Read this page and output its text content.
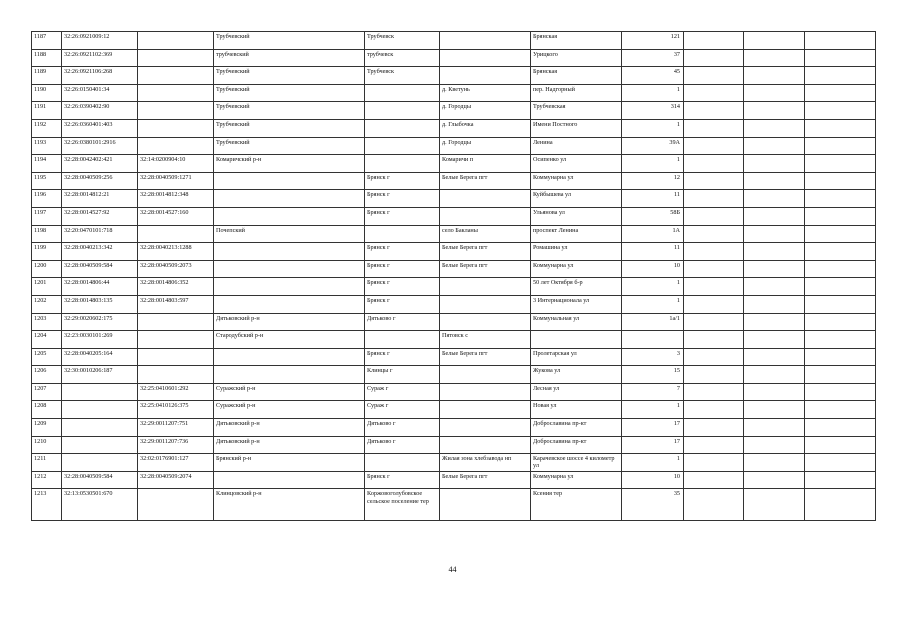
1187	32:26:0921009:12		Трубчевский	Трубчевск		Брянская	121			
1188	32:26:0921102:369		трубчевский	трубчевск		Урицкого	37			
1189	32:26:0921106:268		Трубчевский	Трубчевск		Брянская	45			
1190	32:26:0150401:34		Трубчевский		д. Кветунь	пер. Надгорный	1			
1191	32:26:0390402:90		Трубчевский		д. Городцы	Трубчевская	314			
1192	32:26:0360401:403		Трубчевский		д. Глыбочка	Имени Постного	1			
1193	32:26:0380101:2916		Трубчевский		д. Городцы	Ленина	39А			
1194	32:28:0042402:421	32:14:0200904:10	Комаричский р-н		Комаричи п	Осипенко ул	1			
1195	32:28:0040509:256	32:28:0040509:1271		Брянск г	Белые Берега пгт	Коммунарна ул	12			
1196	32:28:0014812:21	32:28:0014812:348		Брянск г		Куйбышева ул	11			
1197	32:28:0014527:92	32:28:0014527:160		Брянск г		Ульянова ул	58Б			
1198	32:20:0470101:718		Почепский		село Бакланы	проспект Ленина	1А			
1199	32:28:0040213:342	32:28:0040213:1288		Брянск г	Белые Берега пгт	Ромашина ул	11			
1200	32:28:0040509:584	32:28:0040509:2073		Брянск г	Белые Берега пгт	Коммунарна ул	10			
1201	32:28:0014806:44	32:28:0014806:352		Брянск г		50 лет Октября б-р	1			
1202	32:28:0014803:135	32:28:0014803:597		Брянск г		3 Интернационала ул	1			
1203	32:29:0020602:175		Дятьковский р-н	Дятьково г		Коммунальная ул	1а/1			
1204	32:23:0030101:269		Стародубский р-н		Пятовск с					
1205	32:28:0040205:164			Брянск г	Белые Берега пгт	Пролетарская ул	3			
1206	32:30:0010206:187			Клинцы г		Жукова ул	15			
1207		32:25:0410601:292	Суражский р-н	Сураж г		Лесная ул	7			
1208		32:25:0410126:375	Суражский р-н	Сураж г		Новая ул	1			
1209		32:29:0011207:751	Дятьковский р-н	Дятьково г		Доброславина пр-кт	17			
1210		32:29:0011207:736	Дятьковский р-н	Дятьково г		Доброславина пр-кт	17			
1211		32:02:0176901:127	Брянский р-н		Жилая зона хлебзавода нп	Карачевское шоссе 4 километр ул	1			
1212	32:28:0040509:584	32:28:0040509:2074		Брянск г	Белые Берега пгт	Коммунарна ул	10			
1213	32:13:0530501:670		Клинцовский р-н	Коржовоголубовское сельское поселение тер		Ксения тер	35			
44
